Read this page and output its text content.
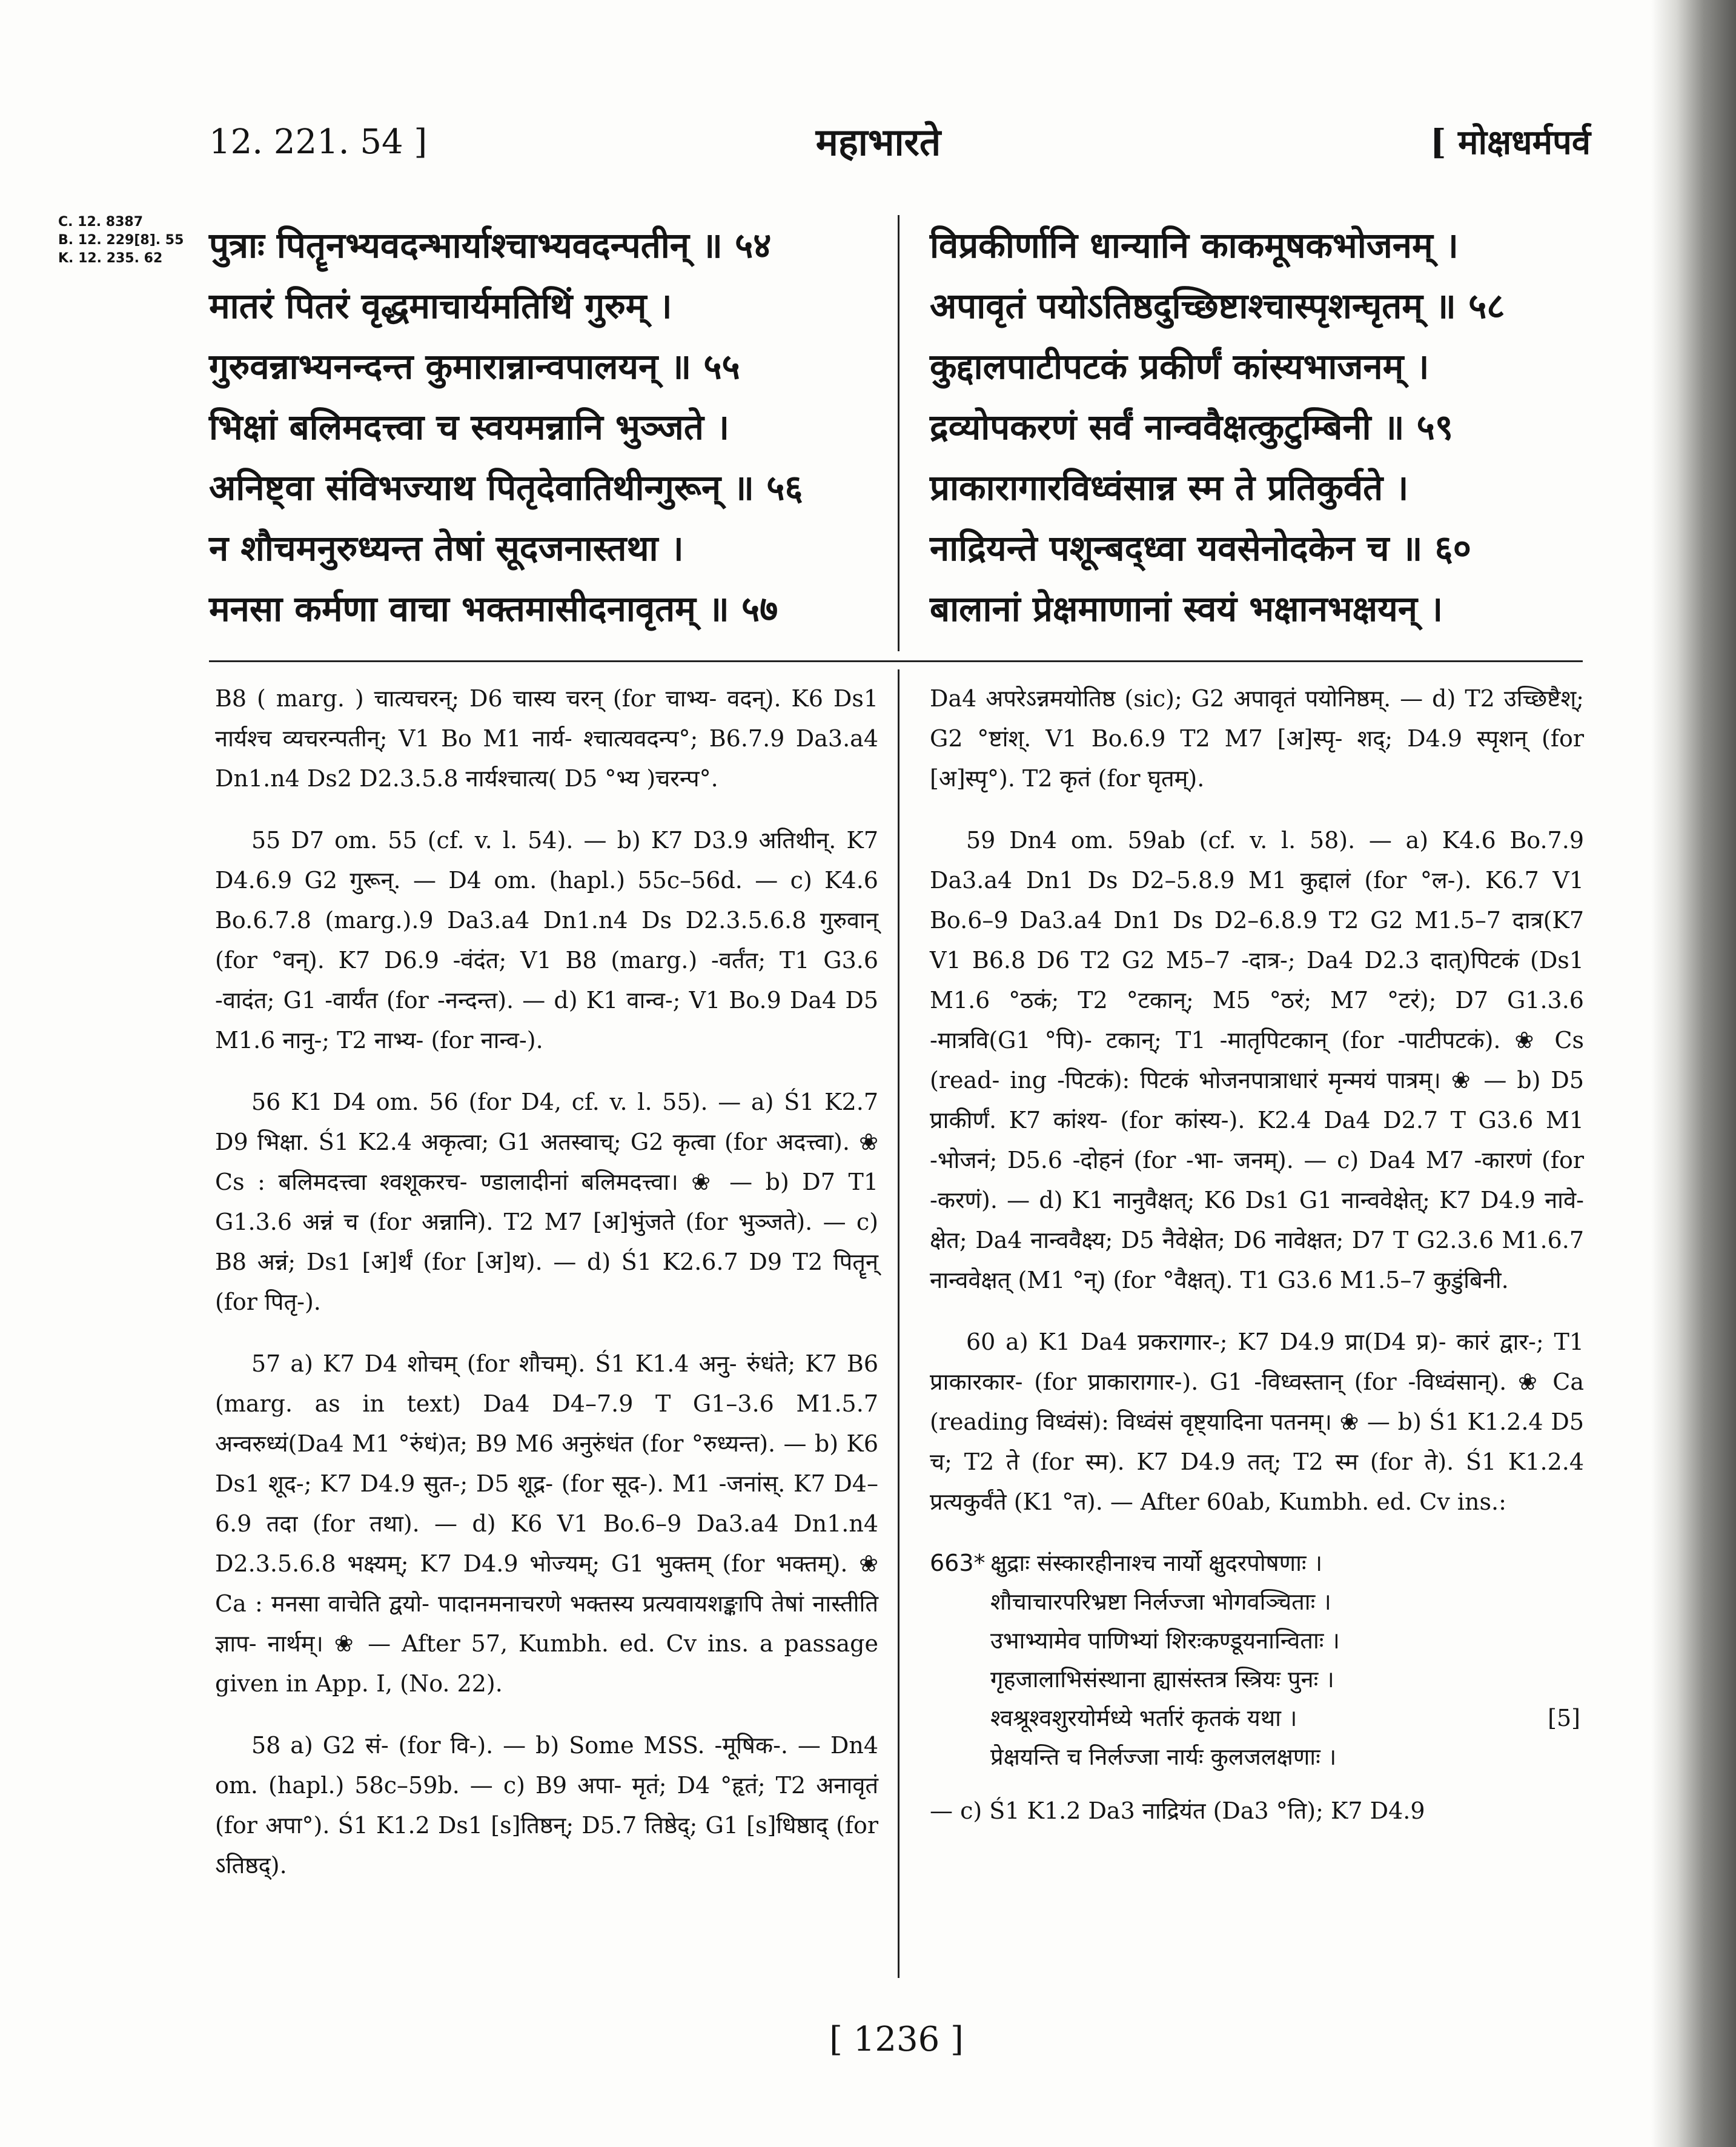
12. 221. 54 ]	महाभारते	[ मोक्षधर्मपर्व
C. 12. 8387
B. 12. 229[8]. 55
K. 12. 235. 62	पुत्राः पितॄनभ्यवदन्भार्याश्चाभ्यवदन्पतीन् ॥ ५४
मातरं पितरं वृद्धमाचार्यमतिथिं गुरुम् ।
गुरुवन्नाभ्यनन्दन्त कुमारान्नान्वपालयन् ॥ ५५
भिक्षां बलिमदत्त्वा च स्वयमन्नानि भुञ्जते ।
अनिष्ट्वा संविभज्याथ पितृदेवातिथीन्गुरून् ॥ ५६
न शौचमनुरुध्यन्त तेषां सूदजनास्तथा ।
मनसा कर्मणा वाचा भक्तमासीदनावृतम् ॥ ५७
विप्रकीर्णानि धान्यानि काकमूषकभोजनम् ।
अपावृतं पयोऽतिष्ठदुच्छिष्टाश्चास्पृशन्घृतम् ॥ ५८
कुद्दालपाटीपटकं प्रकीर्णं कांस्यभाजनम् ।
द्रव्योपकरणं सर्वं नान्ववैक्षत्कुटुम्बिनी ॥ ५९
प्राकारागारविध्वंसान्न स्म ते प्रतिकुर्वते ।
नाद्रियन्ते पशून्बद्ध्वा यवसेनोदकेन च ॥ ६०
बालानां प्रेक्षमाणानां स्वयं भक्षानभक्षयन् ।

B8 ( marg. ) चात्यचरन्; D6 चास्य चरन् (for चाभ्य- वदन्). K6 Ds1 नार्यश्च व्यचरन्पतीन्; V1 Bo M1 नार्य- श्चात्यवदन्प°; B6.7.9 Da3.a4 Dn1.n4 Ds2 D2.3.5.8 नार्यश्चात्य( D5 °भ्य )चरन्प°.

55 D7 om. 55 (cf. v. l. 54). — b) K7 D3.9 अतिथीन्. K7 D4.6.9 G2 गुरून्. — D4 om. (hapl.) 55c–56d. — c) K4.6 Bo.6.7.8 (marg.).9 Da3.a4 Dn1.n4 Ds D2.3.5.6.8 गुरुवान् (for °वन्). K7 D6.9 -वंदंत; V1 B8 (marg.) -वर्तंत; T1 G3.6 -वादंत; G1 -वार्यंत (for -नन्दन्त). — d) K1 वान्व-; V1 Bo.9 Da4 D5 M1.6 नानु-; T2 नाभ्य- (for नान्व-).

56 K1 D4 om. 56 (for D4, cf. v. l. 55). — a) Ś1 K2.7 D9 भिक्षा. Ś1 K2.4 अकृत्वा; G1 अतस्वाच्; G2 कृत्वा (for अदत्त्वा). ❀ Cs : बलिमदत्त्वा श्वशूकरच- ण्डालादीनां बलिमदत्त्वा। ❀ — b) D7 T1 G1.3.6 अन्नं च (for अन्नानि). T2 M7 [अ]भुंजते (for भुञ्जते). — c) B8 अन्नं; Ds1 [अ]र्थं (for [अ]थ). — d) Ś1 K2.6.7 D9 T2 पितॄन् (for पितृ-).

57 a) K7 D4 शोचम् (for शौचम्). Ś1 K1.4 अनु- रुंधंते; K7 B6 (marg. as in text) Da4 D4–7.9 T G1–3.6 M1.5.7 अन्वरुध्यं(Da4 M1 °रुंधं)त; B9 M6 अनुरुंधंत (for °रुध्यन्त). — b) K6 Ds1 शूद-; K7 D4.9 सुत-; D5 शूद्र- (for सूद-). M1 -जनांस्. K7 D4–6.9 तदा (for तथा). — d) K6 V1 Bo.6–9 Da3.a4 Dn1.n4 D2.3.5.6.8 भक्ष्यम्; K7 D4.9 भोज्यम्; G1 भुक्तम् (for भक्तम्). ❀ Ca : मनसा वाचेति द्वयो- पादानमनाचरणे भक्तस्य प्रत्यवायशङ्कापि तेषां नास्तीति ज्ञाप- नार्थम्। ❀ — After 57, Kumbh. ed. Cv ins. a passage given in App. I, (No. 22).

58 a) G2 सं- (for वि-). — b) Some MSS. -मूषिक-. — Dn4 om. (hapl.) 58c–59b. — c) B9 अपा- मृतं; D4 °हृतं; T2 अनावृतं (for अपा°). Ś1 K1.2 Ds1 [s]तिष्ठन्; D5.7 तिष्ठेद्; G1 [s]धिष्ठाद् (for ऽतिष्ठद्).

Da4 अपरेऽन्नमयोतिष्ठ (sic); G2 अपावृतं पयोनिष्ठम्. — d) T2 उच्छिष्टैश्; G2 °ष्टांश्. V1 Bo.6.9 T2 M7 [अ]स्पृ- शद्; D4.9 स्पृशन् (for [अ]स्पृ°). T2 कृतं (for घृतम्).

59 Dn4 om. 59ab (cf. v. l. 58). — a) K4.6 Bo.7.9 Da3.a4 Dn1 Ds D2–5.8.9 M1 कुद्दालं (for °ल-). K6.7 V1 Bo.6–9 Da3.a4 Dn1 Ds D2–6.8.9 T2 G2 M1.5–7 दात्र(K7 V1 B6.8 D6 T2 G2 M5–7 -दात्र-; Da4 D2.3 दात्)पिटकं (Ds1 M1.6 °ठकं; T2 °टकान्; M5 °ठरं; M7 °टरं); D7 G1.3.6 -मात्रवि(G1 °पि)- टकान्; T1 -मातृपिटकान् (for -पाटीपटकं). ❀ Cs (read- ing -पिटकं): पिटकं भोजनपात्राधारं मृन्मयं पात्रम्। ❀ — b) D5 प्राकीर्णं. K7 कांश्य- (for कांस्य-). K2.4 Da4 D2.7 T G3.6 M1 -भोजनं; D5.6 -दोहनं (for -भा- जनम्). — c) Da4 M7 -कारणं (for -करणं). — d) K1 नानुवैक्षत्; K6 Ds1 G1 नान्ववेक्षेत्; K7 D4.9 नावे- क्षेत; Da4 नान्ववैक्ष्य; D5 नैवेक्षेत; D6 नावेक्षत; D7 T G2.3.6 M1.6.7 नान्ववेक्षत् (M1 °न्) (for °वैक्षत्). T1 G3.6 M1.5–7 कुडुंबिनी.

60 a) K1 Da4 प्रकरागार-; K7 D4.9 प्रा(D4 प्र)- कारं द्वार-; T1 प्राकारकार- (for प्राकारागार-). G1 -विध्वस्तान् (for -विध्वंसान्). ❀ Ca (reading विध्वंसं): विध्वंसं वृष्ट्यादिना पतनम्। ❀ — b) Ś1 K1.2.4 D5 च; T2 ते (for स्म). K7 D4.9 तत्; T2 स्म (for ते). Ś1 K1.2.4 प्रत्यकुर्वंते (K1 °त). — After 60ab, Kumbh. ed. Cv ins.:

663* क्षुद्राः संस्कारहीनाश्च नार्यो क्षुदरपोषणाः ।
शौचाचारपरिभ्रष्टा निर्लज्जा भोगवञ्चिताः ।
उभाभ्यामेव पाणिभ्यां शिरःकण्डूयनान्विताः ।
गृहजालाभिसंस्थाना ह्यासंस्तत्र स्त्रियः पुनः ।
श्वश्रूश्वशुरयोर्मध्ये भर्तारं कृतकं यथा ।	[5]
प्रेक्षयन्ति च निर्लज्जा नार्यः कुलजलक्षणाः ।

— c) Ś1 K1.2 Da3 नाद्रियंत (Da3 °ति); K7 D4.9

[ 1236 ]
